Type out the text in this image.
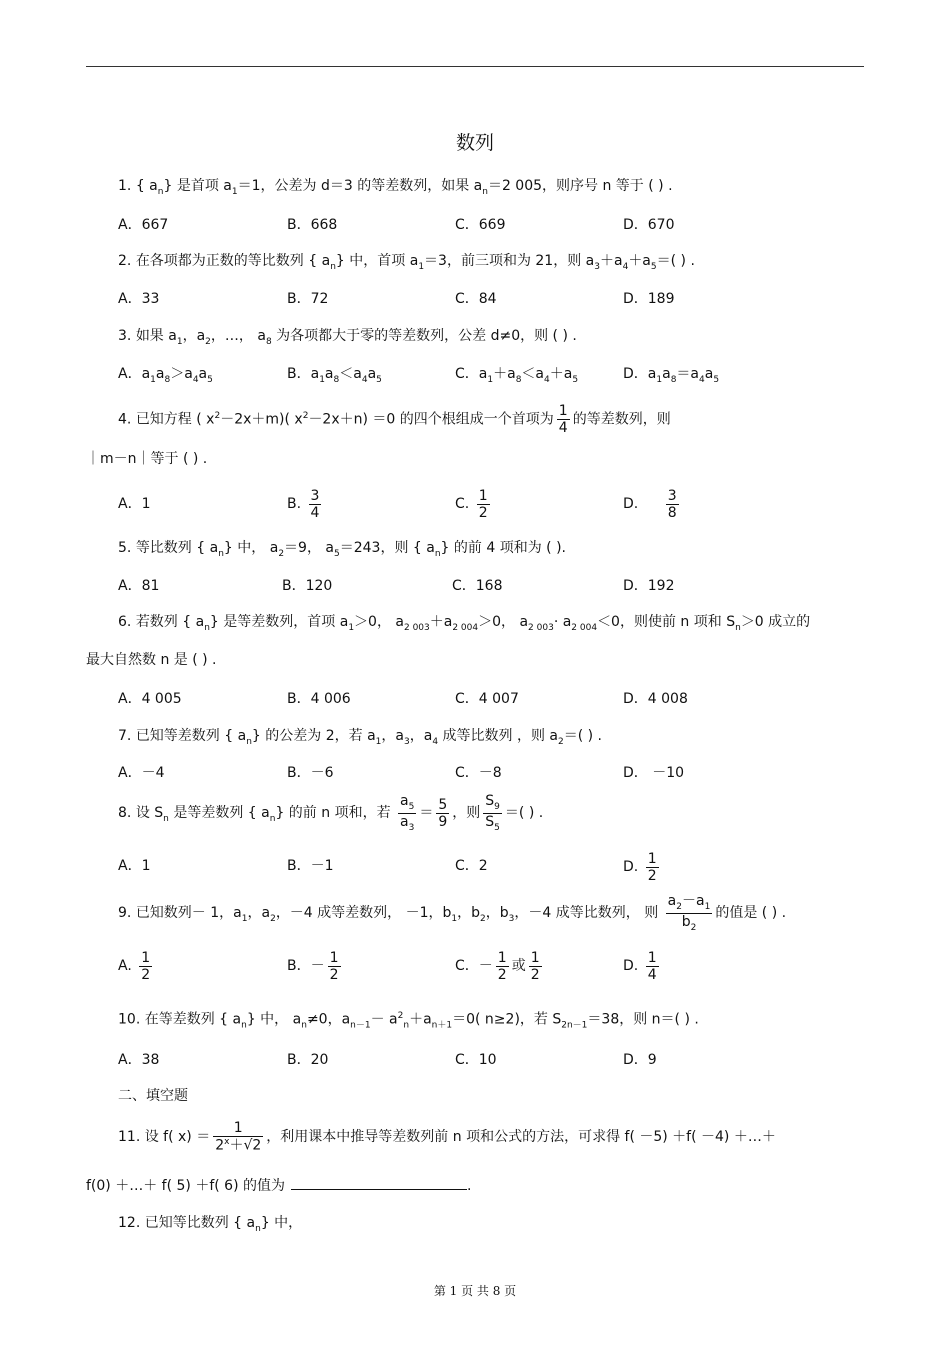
数列
1. { $a_n$} 是首项 $a_1=1$，公差为 d＝3 的等差数列，如果 $a_n=2$ 005，则序号 n 等于 ( ) .
A．667	B．668	C．669	D．670
2. 在各项都为正数的等比数列 { $a_n$} 中，首项 $a_1=3$，前三项和为 21，则 $a_3+a_4+a_5=$( ) .
A．33	B．72	C．84	D．189
3. 如果 $a_1$，$a_2$，…， $a_8$ 为各项都大于零的等差数列，公差 d≠0，则 ( ) .
A．$a_1a_8>a_4a_5$	B．$a_1a_8<a_4a_5$	C．$a_1+a_8<a_4+a_5$	D．$a_1a_8=a_4a_5$
4. 已知方程 ( $x^2-2x+m$)( $x^2-2x+n) =0$ 的四个根组成一个首项为 $\frac{1}{4}$ 的等差数列，则
｜m－n｜等于 ( ) .
A．1	B. $\frac{3}{4}$	C. $\frac{1}{2}$	D. $\frac{3}{8}$
5. 等比数列 { $a_n$} 中， $a_2=9$， $a_5=243$，则 { $a_n$} 的前 4 项和为 ( ).
A．81	B．120	C．168	D．192
6. 若数列 { $a_n$} 是等差数列，首项 $a_1>0$， $a_{2 003}+a_{2 004}>0$， $a_{2 003}\cdot a_{2 004}<0$，则使前 n 项和 $S_n>0$ 成立的
最大自然数 n 是 ( ) .
A．4 005	B．4 006	C．4 007	D．4 008
7. 已知等差数列 { $a_n$} 的公差为 2，若 $a_1$，$a_3$，$a_4$ 成等比数列 ，则 $a_2=$( ) .
A．－4	B．－6	C．－8	D． －10
8. 设 $S_n$ 是等差数列 { $a_n$} 的前 n 项和，若 $\frac{a_5}{a_3} = \frac{5}{9}$ ，则 $\frac{S_9}{S_5}$ ＝( ) .
A．1	B．－1	C．2	D. $\frac{1}{2}$
9. 已知数列－ 1，$a_1$，$a_2$，－4 成等差数列， －1，$b_1$，$b_2$，$b_3$，－4 成等比数列， 则 $\frac{a_2-a_1}{b_2}$ 的值是 ( ) .
A. $\frac{1}{2}$	B．－ $\frac{1}{2}$	C．－ $\frac{1}{2}$ 或 $\frac{1}{2}$	D. $\frac{1}{4}$
10. 在等差数列 { $a_n$} 中， $a_n\ne 0$，$a_{n-1}- a^2_n+a_{n+1}=0$( n≥2)，若 $S_{2n-1}=38$，则 n＝( ) .
A．38	B．20	C．10	D．9
二、填空题
11. 设 f( $x) = \frac{1}{2^x+√2}$ ，利用课本中推导等差数列前 n 项和公式的方法，可求得 f( －5) ＋f( －4) ＋…＋
f(0) ＋…＋ f( 5) ＋f( 6) 的值为	.
12. 已知等比数列 { $a_n$} 中，
第 1 页 共 8 页
